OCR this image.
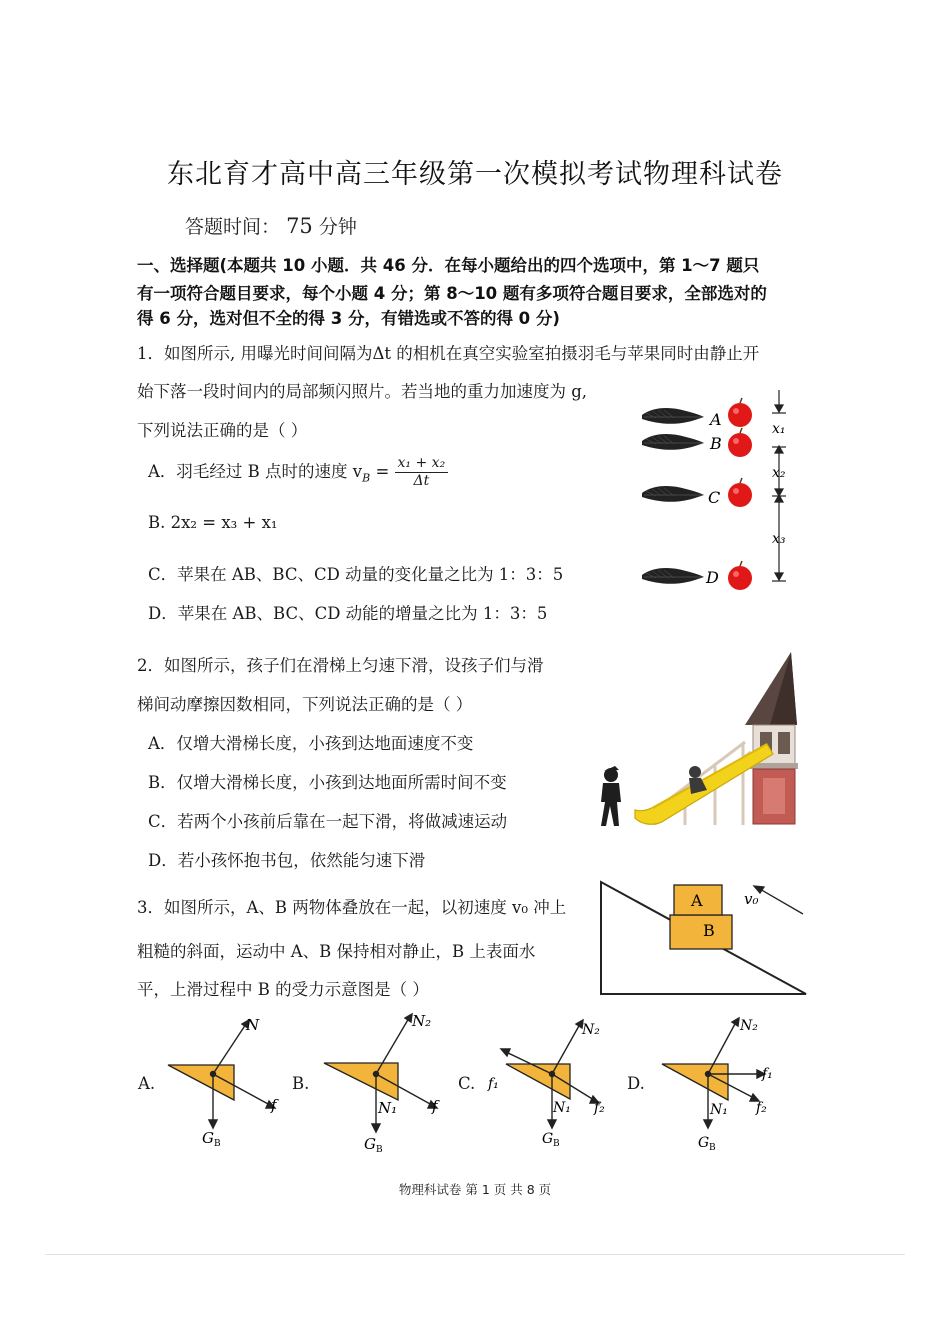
东北育才高中高三年级第一次模拟考试物理科试卷
答题时间： 75 分钟
一、选择题(本题共 10 小题．共 46 分．在每小题给出的四个选项中，第 1～7 题只
有一项符合题目要求，每个小题 4 分；第 8～10 题有多项符合题目要求，全部选对的
得 6 分，选对但不全的得 3 分，有错选或不答的得 0 分)
1．如图所示, 用曝光时间间隔为Δt 的相机在真空实验室拍摄羽毛与苹果同时由静止开
始下落一段时间内的局部频闪照片。若当地的重力加速度为 g,
下列说法正确的是（ ）
A．羽毛经过 B 点时的速度 $v_B = \frac{\text{x₁ + x₂}}{\Delta t}$
B. 2x₂ = x₃ + x₁
C．苹果在 AB、BC、CD 动量的变化量之比为 1：3：5
D．苹果在 AB、BC、CD 动能的增量之比为 1：3：5
A
B
C
D
x₁
x₂
x₃
2．如图所示，孩子们在滑梯上匀速下滑，设孩子们与滑
梯间动摩擦因数相同，下列说法正确的是（ ）
A．仅增大滑梯长度，小孩到达地面速度不变
B．仅增大滑梯长度，小孩到达地面所需时间不变
C．若两个小孩前后靠在一起下滑，将做减速运动
D．若小孩怀抱书包，依然能匀速下滑
3．如图所示，A、B 两物体叠放在一起，以初速度 v₀ 冲上
粗糙的斜面，运动中 A、B 保持相对静止，B 上表面水
平，上滑过程中 B 的受力示意图是（ ）
A
B
v₀
A.
N
f
G B
B.
N₂
N₁ f
G B
C.
N₂
f₁
N₁ f₂
G B
D.
N₂
f₁
N₁ f₂
G B
物理科试卷 第 1 页 共 8 页
